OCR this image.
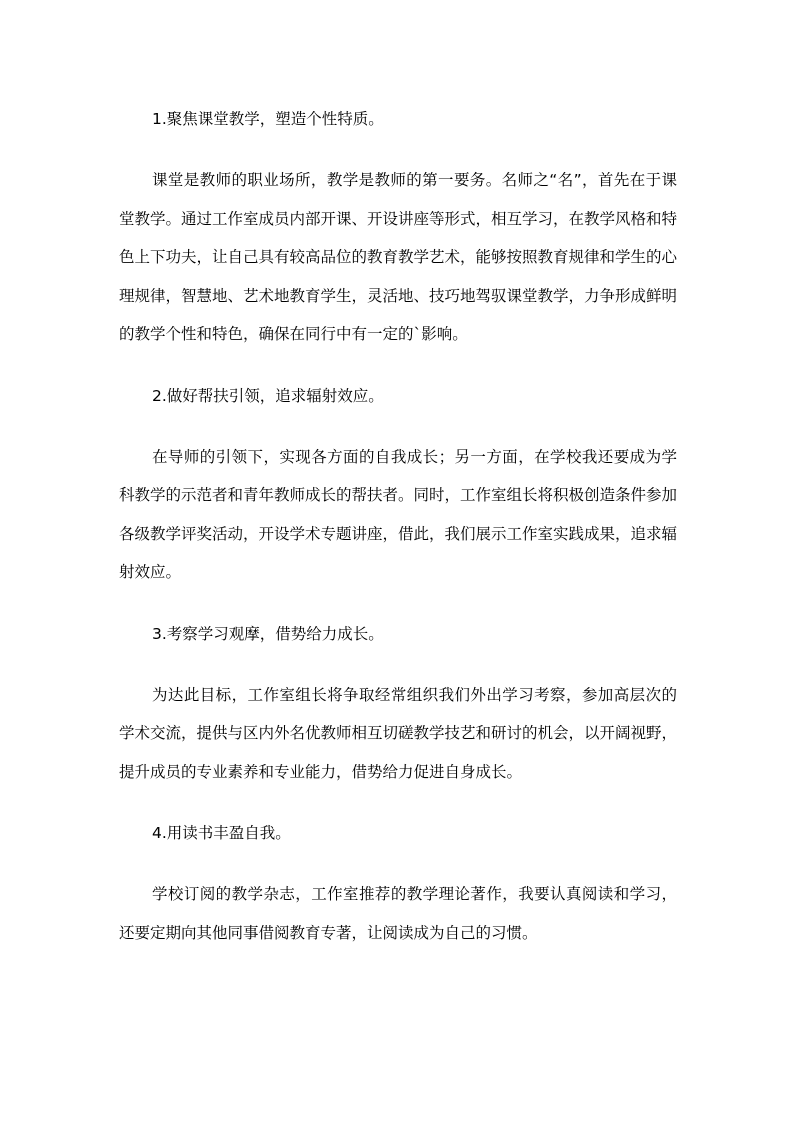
1.聚焦课堂教学，塑造个性特质。

课堂是教师的职业场所，教学是教师的第一要务。名师之“名”，首先在于课堂教学。通过工作室成员内部开课、开设讲座等形式，相互学习，在教学风格和特色上下功夫，让自己具有较高品位的教育教学艺术，能够按照教育规律和学生的心理规律，智慧地、艺术地教育学生，灵活地、技巧地驾驭课堂教学，力争形成鲜明的教学个性和特色，确保在同行中有一定的`影响。

2.做好帮扶引领，追求辐射效应。

在导师的引领下，实现各方面的自我成长；另一方面，在学校我还要成为学科教学的示范者和青年教师成长的帮扶者。同时，工作室组长将积极创造条件参加各级教学评奖活动，开设学术专题讲座，借此，我们展示工作室实践成果，追求辐射效应。

3.考察学习观摩，借势给力成长。

为达此目标，工作室组长将争取经常组织我们外出学习考察，参加高层次的学术交流，提供与区内外名优教师相互切磋教学技艺和研讨的机会，以开阔视野，提升成员的专业素养和专业能力，借势给力促进自身成长。

4.用读书丰盈自我。

学校订阅的教学杂志，工作室推荐的教学理论著作，我要认真阅读和学习，还要定期向其他同事借阅教育专著，让阅读成为自己的习惯。
